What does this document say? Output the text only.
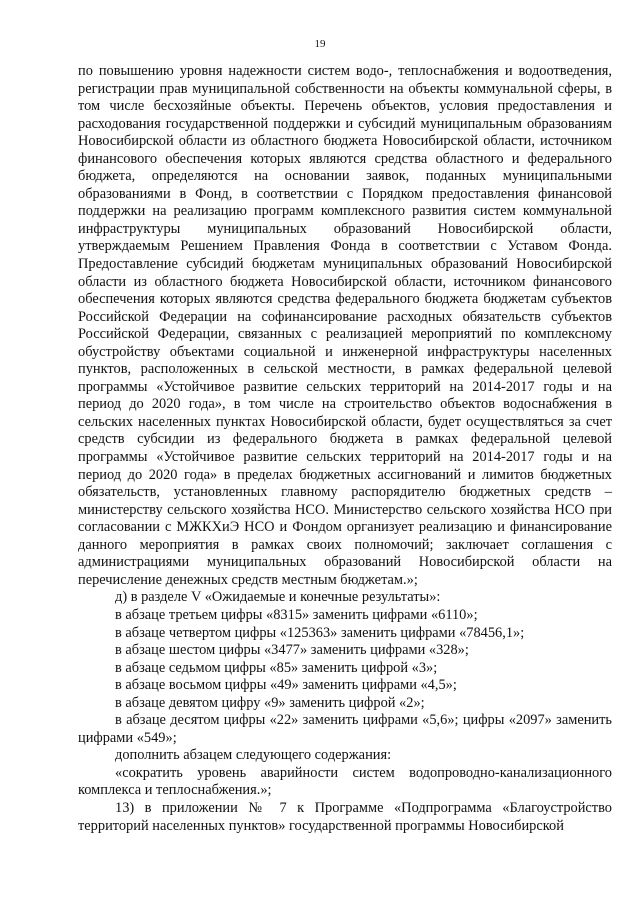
19

по повышению уровня надежности систем водо-, теплоснабжения и водоотведения, регистрации прав муниципальной собственности на объекты коммунальной сферы, в том числе бесхозяйные объекты. Перечень объектов, условия предоставления и расходования государственной поддержки и субсидий муниципальным образованиям Новосибирской области из областного бюджета Новосибирской области, источником финансового обеспечения которых являются средства областного и федерального бюджета, определяются на основании заявок, поданных муниципальными образованиями в Фонд, в соответствии с Порядком предоставления финансовой поддержки на реализацию программ комплексного развития систем коммунальной инфраструктуры муниципальных образований Новосибирской области, утверждаемым Решением Правления Фонда в соответствии с Уставом Фонда. Предоставление субсидий бюджетам муниципальных образований Новосибирской области из областного бюджета Новосибирской области, источником финансового обеспечения которых являются средства федерального бюджета бюджетам субъектов Российской Федерации на софинансирование расходных обязательств субъектов Российской Федерации, связанных с реализацией мероприятий по комплексному обустройству объектами социальной и инженерной инфраструктуры населенных пунктов, расположенных в сельской местности, в рамках федеральной целевой программы «Устойчивое развитие сельских территорий на 2014-2017 годы и на период до 2020 года», в том числе на строительство объектов водоснабжения в сельских населенных пунктах Новосибирской области, будет осуществляться за счет средств субсидии из федерального бюджета в рамках федеральной целевой программы «Устойчивое развитие сельских территорий на 2014-2017 годы и на период до 2020 года» в пределах бюджетных ассигнований и лимитов бюджетных обязательств, установленных главному распорядителю бюджетных средств – министерству сельского хозяйства НСО. Министерство сельского хозяйства НСО при согласовании с МЖКХиЭ НСО и Фондом организует реализацию и финансирование данного мероприятия в рамках своих полномочий; заключает соглашения с администрациями муниципальных образований Новосибирской области на перечисление денежных средств местным бюджетам.»;

д) в разделе V «Ожидаемые и конечные результаты»:

в абзаце третьем цифры «8315» заменить цифрами «6110»;

в абзаце четвертом цифры «125363» заменить цифрами «78456,1»;

в абзаце шестом цифры «3477» заменить цифрами «328»;

в абзаце седьмом цифры «85» заменить цифрой «3»;

в абзаце восьмом цифры «49» заменить цифрами «4,5»;

в абзаце девятом цифру «9» заменить цифрой «2»;

в абзаце десятом цифры «22» заменить цифрами «5,6»; цифры «2097» заменить цифрами «549»;

дополнить абзацем следующего содержания:

«сократить уровень аварийности систем водопроводно-канализационного комплекса и теплоснабжения.»;

13) в приложении № 7 к Программе «Подпрограмма «Благоустройство территорий населенных пунктов» государственной программы Новосибирской
